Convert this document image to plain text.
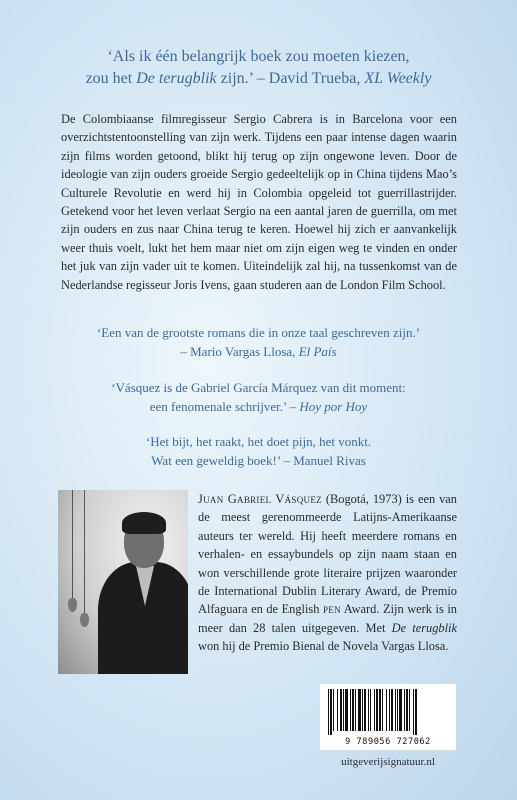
‘Als ik één belangrijk boek zou moeten kiezen,
zou het De terugblik zijn.’ – David Trueba, XL Weekly
De Colombiaanse filmregisseur Sergio Cabrera is in Barcelona voor een overzichtstentoonstelling van zijn werk. Tijdens een paar intense dagen waarin zijn films worden getoond, blikt hij terug op zijn ongewone leven. Door de ideologie van zijn ouders groeide Sergio gedeeltelijk op in China tijdens Mao’s Culturele Revolutie en werd hij in Colombia opgeleid tot guerrillastrijder. Getekend voor het leven verlaat Sergio na een aantal jaren de guerrilla, om met zijn ouders en zus naar China terug te keren. Hoewel hij zich er aanvankelijk weer thuis voelt, lukt het hem maar niet om zijn eigen weg te vinden en onder het juk van zijn vader uit te komen. Uiteindelijk zal hij, na tussenkomst van de Nederlandse regisseur Joris Ivens, gaan studeren aan de London Film School.
‘Een van de grootste romans die in onze taal geschreven zijn.’
– Mario Vargas Llosa, El País
‘Vásquez is de Gabriel García Márquez van dit moment:
een fenomenale schrijver.’ – Hoy por Hoy
‘Het bijt, het raakt, het doet pijn, het vonkt.
Wat een geweldig boek!’ – Manuel Rivas
Juan Gabriel Vásquez (Bogotá, 1973) is een van de meest gerenommeerde Latijns-Amerikaanse auteurs ter wereld. Hij heeft meerdere romans en verhalen- en essaybundels op zijn naam staan en won verschillende grote literaire prijzen waaronder de International Dublin Literary Award, de Premio Alfaguara en de English pen Award. Zijn werk is in meer dan 28 talen uitgegeven. Met De terugblik won hij de Premio Bienal de Novela Vargas Llosa.
9 789056 727062
uitgeverijsignatuur.nl
